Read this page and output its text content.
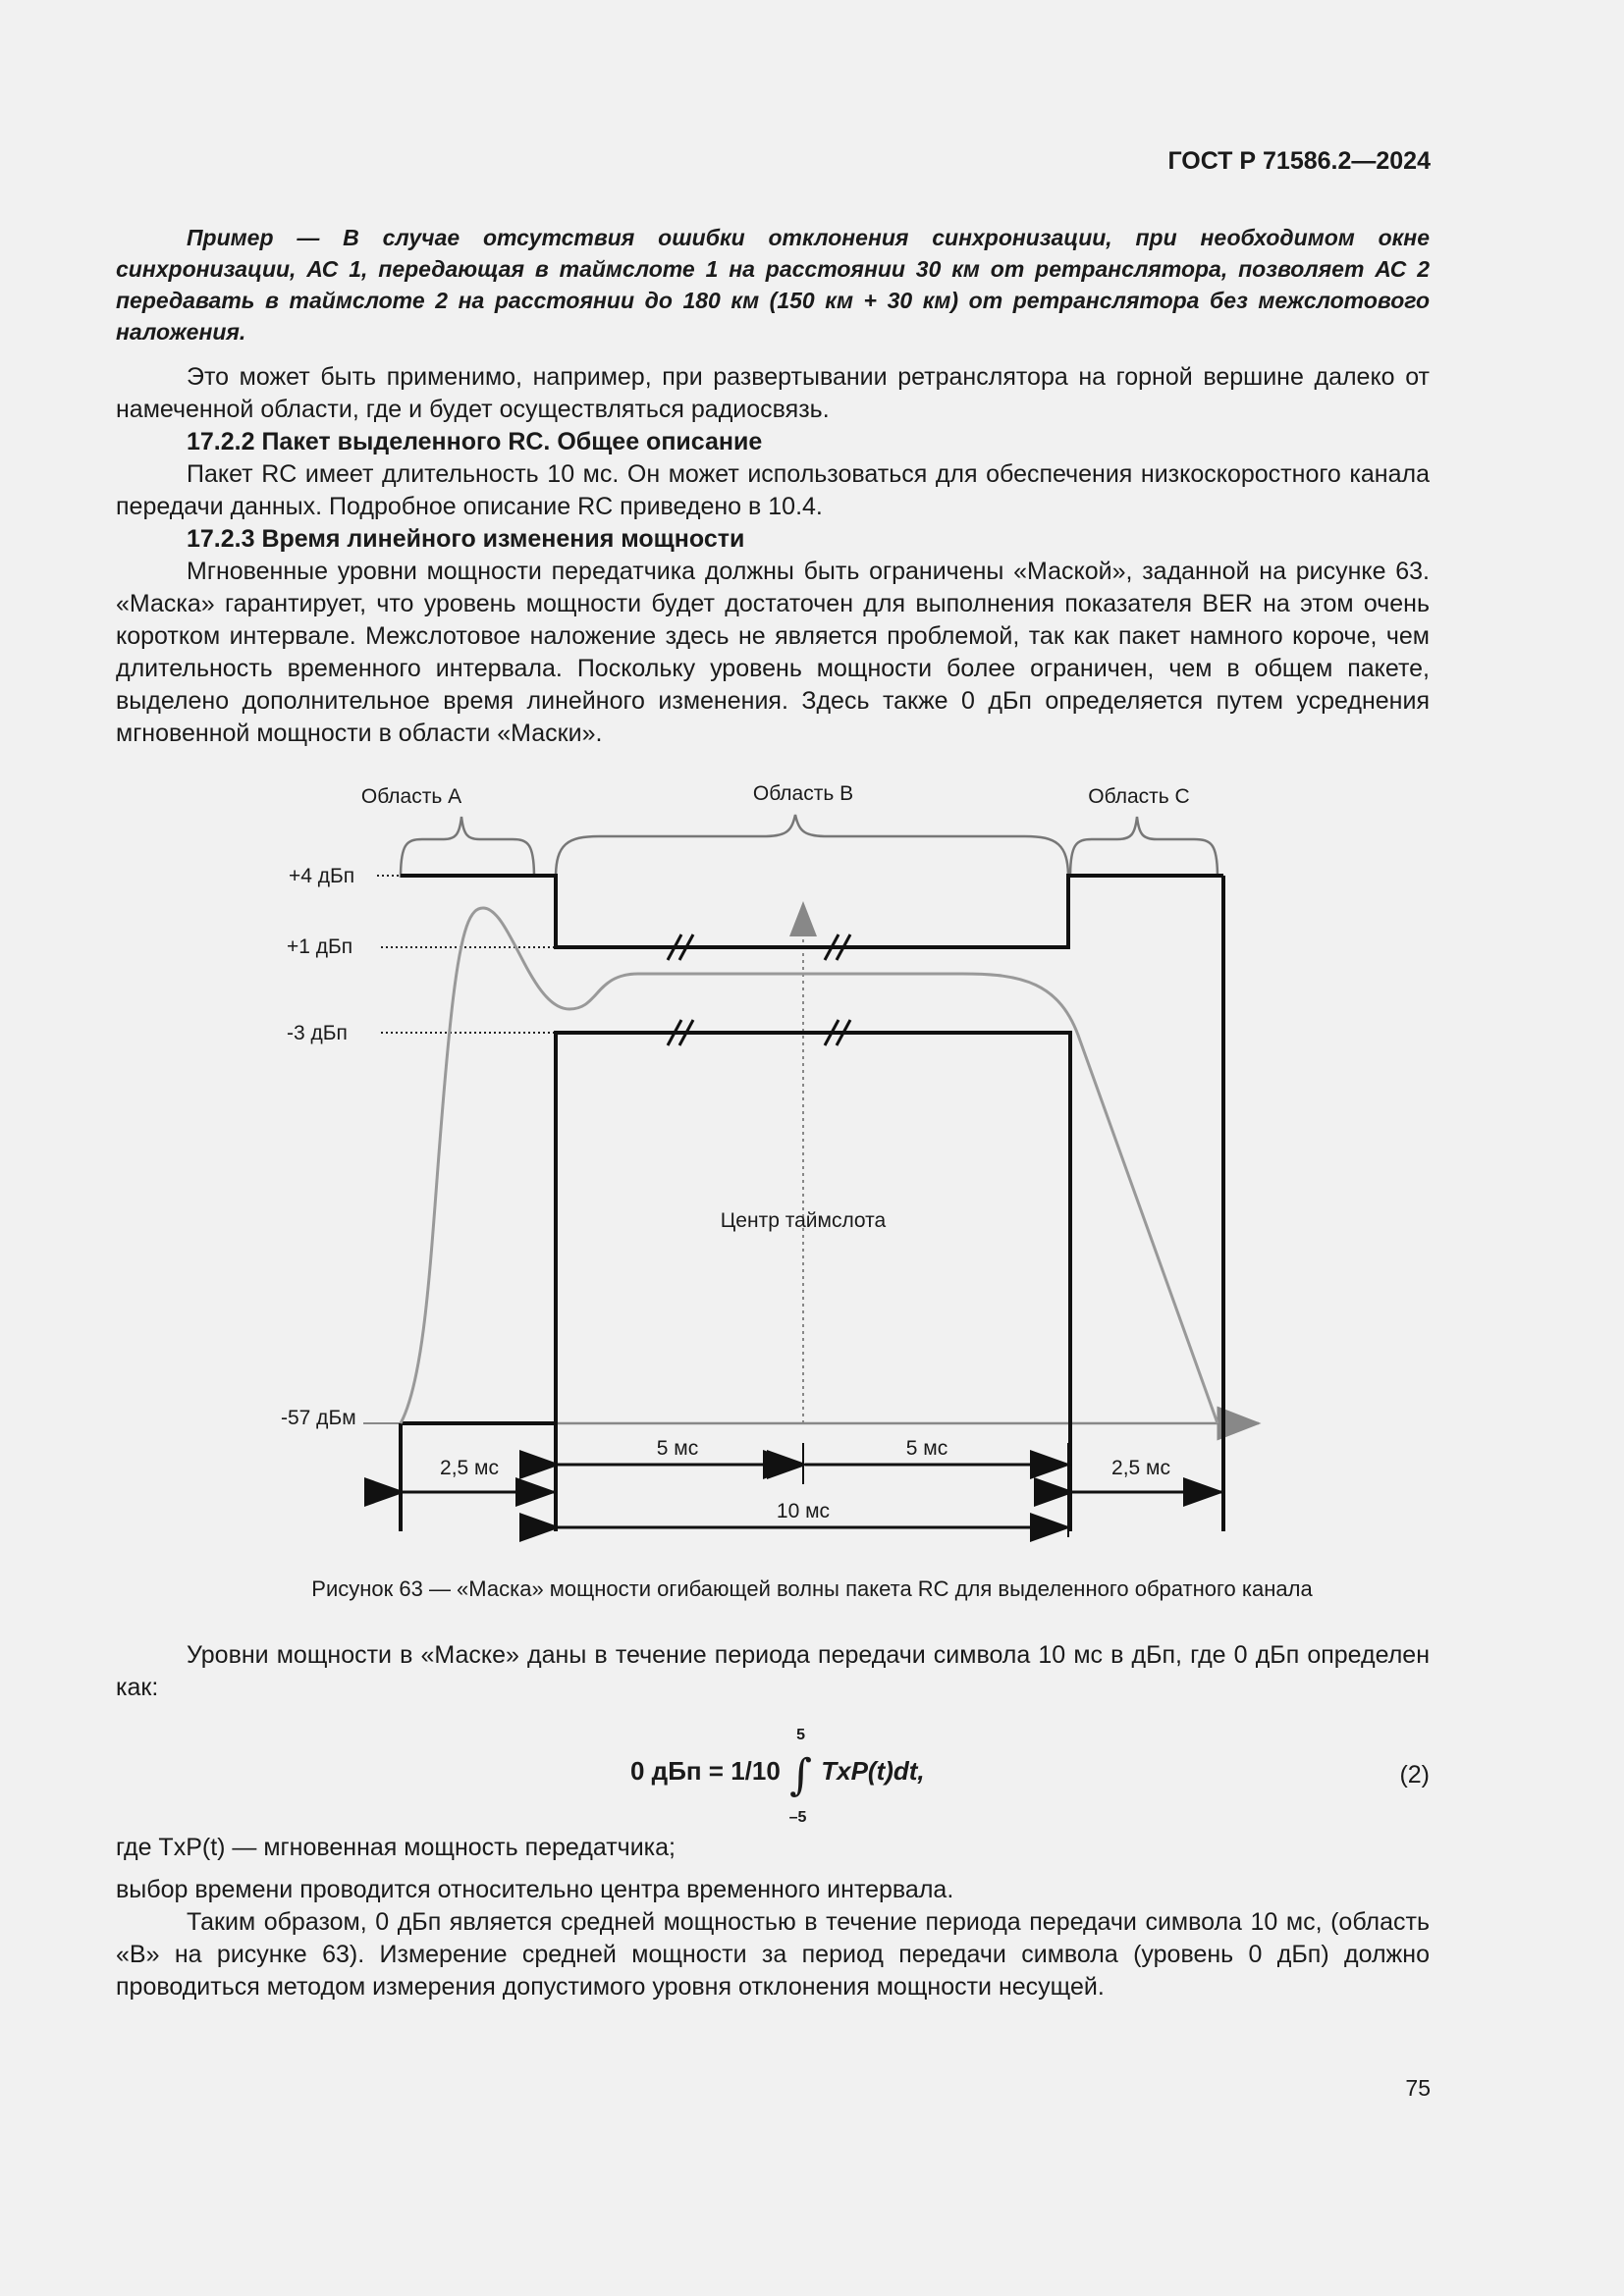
ГОСТ Р 71586.2—2024

Пример — В случае отсутствия ошибки отклонения синхронизации, при необходимом окне синхронизации, АС 1, передающая в таймслоте 1 на расстоянии 30 км от ретранслятора, позволяет АС 2 передавать в таймслоте 2 на расстоянии до 180 км (150 км + 30 км) от ретранслятора без межслотового наложения.

Это может быть применимо, например, при развертывании ретранслятора на горной вершине далеко от намеченной области, где и будет осуществляться радиосвязь.

17.2.2 Пакет выделенного RC. Общее описание

Пакет RC имеет длительность 10 мс. Он может использоваться для обеспечения низкоскоростного канала передачи данных. Подробное описание RC приведено в 10.4.

17.2.3 Время линейного изменения мощности

Мгновенные уровни мощности передатчика должны быть ограничены «Маской», заданной на рисунке 63. «Маска» гарантирует, что уровень мощности будет достаточен для выполнения показателя BER на этом очень коротком интервале. Межслотовое наложение здесь не является проблемой, так как пакет намного короче, чем длительность временного интервала. Поскольку уровень мощности более ограничен, чем в общем пакете, выделено дополнительное время линейного изменения. Здесь также 0 дБп определяется путем усреднения мгновенной мощности в области «Маски».

Область A	Область B	Область C
+4 дБп
+1 дБп
-3 дБп
-57 дБм
Центр таймслота
2,5 мс
5 мс	5 мс
2,5 мс
10 мс
Рисунок 63 — «Маска» мощности огибающей волны пакета RC для выделенного обратного канала

Уровни мощности в «Маске» даны в течение периода передачи символа 10 мс в дБп, где 0 дБп определен как:

0 дБп = 1/10 ∫
5
–5
TxP(t)dt,	(2)

где TxP(t) — мгновенная мощность передатчика;

выбор времени проводится относительно центра временного интервала.

Таким образом, 0 дБп является средней мощностью в течение периода передачи символа 10 мс, (область «B» на рисунке 63). Измерение средней мощности за период передачи символа (уровень 0 дБп) должно проводиться методом измерения допустимого уровня отклонения мощности несущей.

75
